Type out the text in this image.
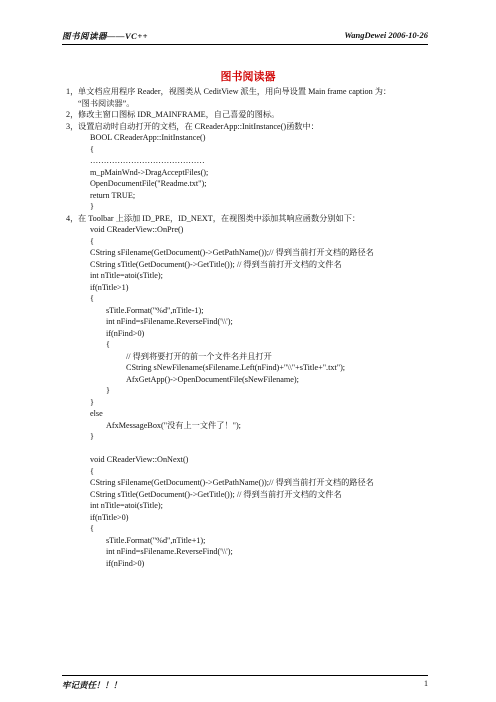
图书阅读器——VC++	WangDewei 2006-10-26
图书阅读器
1，单文档应用程序 Reader，视图类从 CeditView 派生，用向导设置 Main frame caption 为：
“图书阅读器”。
2，修改主窗口图标 IDR_MAINFRAME，自己喜爱的图标。
3，设置启动时自动打开的文档，在 CReaderApp::InitInstance()函数中：
BOOL CReaderApp::InitInstance()
{
……………………………………
m_pMainWnd->DragAcceptFiles();
OpenDocumentFile("Readme.txt");
return TRUE;
}
4，在 Toolbar 上添加 ID_PRE，ID_NEXT，在视图类中添加其响应函数分别如下：
void CReaderView::OnPre()
{
CString sFilename(GetDocument()->GetPathName());// 得到当前打开文档的路径名
CString sTitle(GetDocument()->GetTitle()); // 得到当前打开文档的文件名
int nTitle=atoi(sTitle);
if(nTitle>1)
{
sTitle.Format("%d",nTitle-1);
int nFind=sFilename.ReverseFind('\\');
if(nFind>0)
{
// 得到将要打开的前一个文件名并且打开
CString sNewFilename(sFilename.Left(nFind)+"\\"+sTitle+".txt");
AfxGetApp()->OpenDocumentFile(sNewFilename);
}
}
else
AfxMessageBox("没有上一文件了！");
}
void CReaderView::OnNext()
{
CString sFilename(GetDocument()->GetPathName());// 得到当前打开文档的路径名
CString sTitle(GetDocument()->GetTitle()); // 得到当前打开文档的文件名
int nTitle=atoi(sTitle);
if(nTitle>0)
{
sTitle.Format("%d",nTitle+1);
int nFind=sFilename.ReverseFind('\\');
if(nFind>0)
牢记责任！！！	1
